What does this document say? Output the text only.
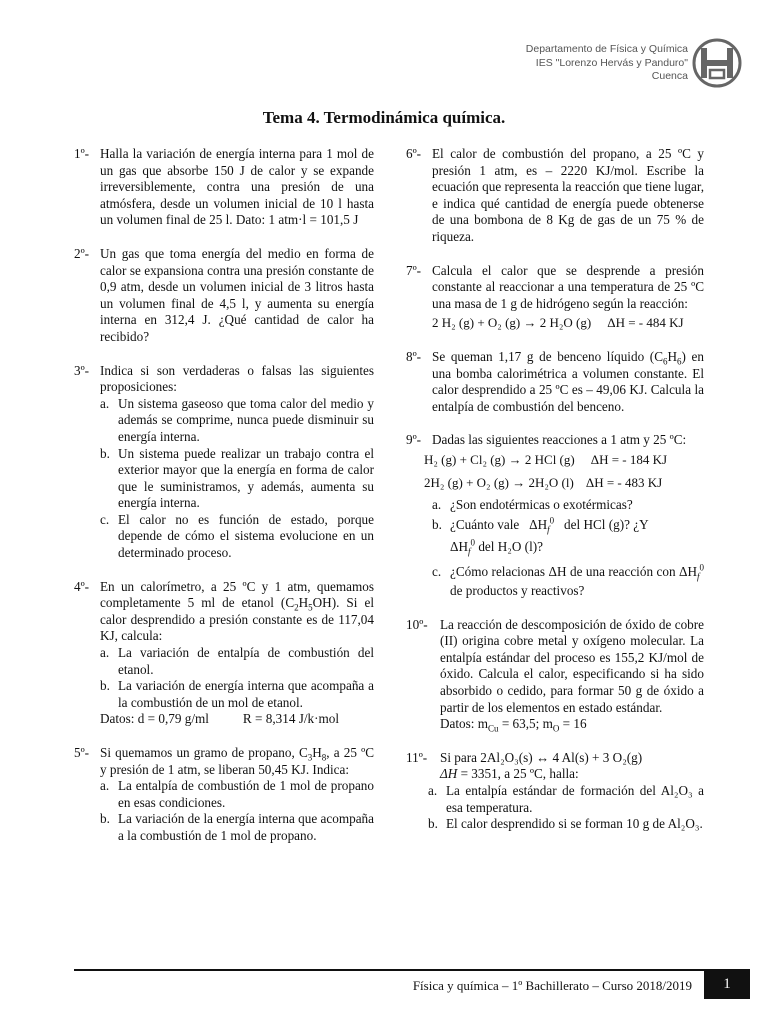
Departamento de Física y Química
IES "Lorenzo Hervás y Panduro"
Cuenca
Tema 4. Termodinámica química.
1º- Halla la variación de energía interna para 1 mol de un gas que absorbe 150 J de calor y se expande irreversiblemente, contra una presión de una atmósfera, desde un volumen inicial de 10 l hasta un volumen final de 25 l. Dato: 1 atm·l = 101,5 J

2º- Un gas que toma energía del medio en forma de calor se expansiona contra una presión constante de 0,9 atm, desde un volumen inicial de 3 litros hasta un volumen final de 4,5 l, y aumenta su energía interna en 312,4 J. ¿Qué cantidad de calor ha recibido?

3º- Indica si son verdaderas o falsas las siguientes proposiciones:

a. Un sistema gaseoso que toma calor del medio y además se comprime, nunca puede disminuir su energía interna.
b. Un sistema puede realizar un trabajo contra el exterior mayor que la energía en forma de calor que le suministramos, y además, aumenta su energía interna.
c. El calor no es función de estado, porque depende de cómo el sistema evolucione en un determinado proceso.
4º- En un calorímetro, a 25 ºC y 1 atm, quemamos completamente 5 ml de etanol $(C_2H_5OH)$. Si el calor desprendido a presión constante es de 117,04 KJ, calcula:

a. La variación de entalpía de combustión del etanol.
b. La variación de energía interna que acompaña a la combustión de un mol de etanol.

Datos: d = 0,79 g/ml	R = 8,314 J/k·mol

5º- Si quemamos un gramo de propano, $C_3H_8$, a 25 ºC y presión de 1 atm, se liberan 50,45 KJ. Indica:

a. La entalpía de combustión de 1 mol de propano en esas condiciones.
b. La variación de la energía interna que acompaña a la combustión de 1 mol de propano.
6º- El calor de combustión del propano, a 25 ºC y presión 1 atm, es – 2220 KJ/mol. Escribe la ecuación que representa la reacción que tiene lugar, e indica qué cantidad de energía puede obtenerse de una bombona de 8 Kg de gas de un 75 % de riqueza.

7º- Calcula el calor que se desprende a presión constante al reaccionar a una temperatura de 25 ºC una masa de 1 g de hidrógeno según la reacción:

2 H₂ (g) + O₂ (g) → 2 H₂O (g) ΔH = - 484 KJ

8º- Se queman 1,17 g de benceno líquido $(C_6H_6)$ en una bomba calorimétrica a volumen constante. El calor desprendido a 25 ºC es – 49,06 KJ. Calcula la entalpía de combustión del benceno.

9º- Dadas las siguientes reacciones a 1 atm y 25 ºC:

H₂ (g) + Cl₂ (g) → 2 HCl (g) ΔH = - 184 KJ

2H₂ (g) + O₂ (g) → 2H₂O (l) ΔH = - 483 KJ

a. ¿Son endotérmicas o exotérmicas?
b. ¿Cuánto vale $\Delta H_f^0$ del HCl (g)? ¿Y
$\Delta H_f^0$ del H₂O (l)?
c. ¿Cómo relacionas ΔH de una reacción con $\Delta H_f^0$ de productos y reactivos?
10º- La reacción de descomposición de óxido de cobre (II) origina cobre metal y oxígeno molecular. La entalpía estándar del proceso es 155,2 KJ/mol de óxido. Calcula el calor, especificando si ha sido absorbido o cedido, para formar 50 g de óxido a partir de los elementos en estado estándar.

Datos: $m_{Cu} = 63,5$; $m_O = 16$

11º- Si para 2Al₂O₃(s) ↔ 4 Al(s) + 3 O₂(g)
ΔH = 3351, a 25 ºC, halla:

a. La entalpía estándar de formación del Al₂O₃ a esa temperatura.
b. El calor desprendido si se forman 10 g de Al₂O₃.
Física y química – 1º Bachillerato – Curso 2018/2019	1
